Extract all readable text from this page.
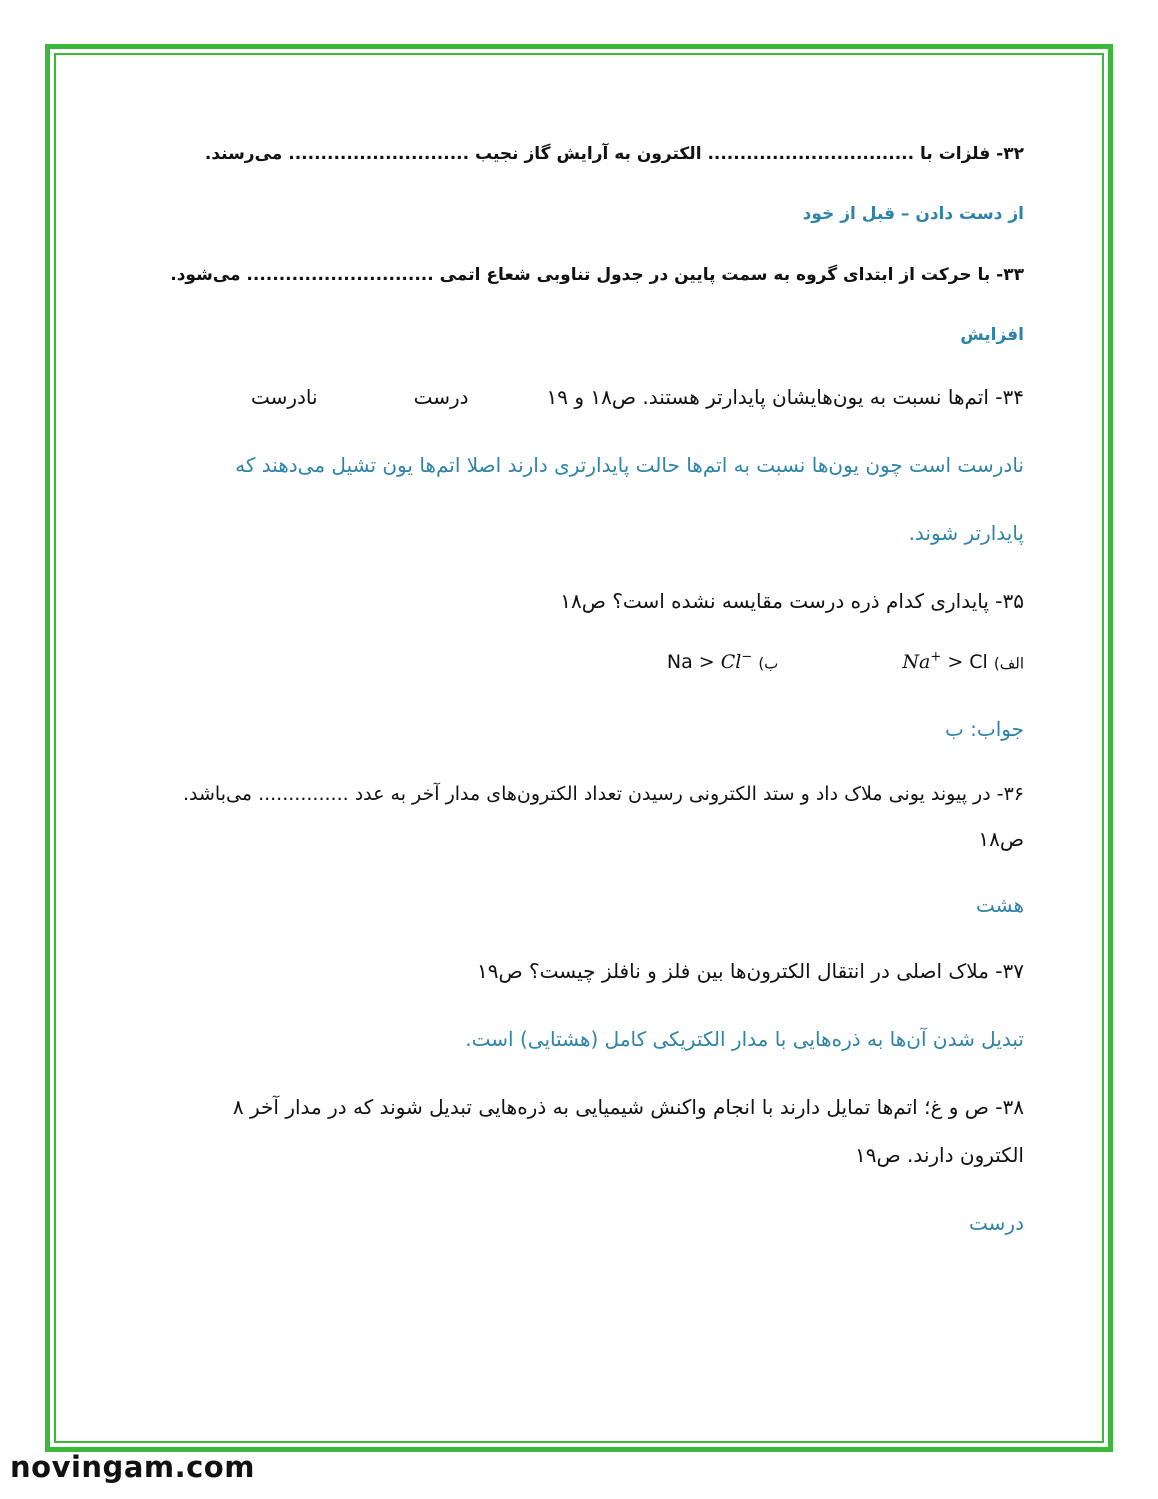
۳۲- فلزات با ................................ الکترون به آرایش گاز نجیب ............................ می‌رسند.
از دست دادن – قبل از خود
۳۳- با حرکت از ابتدای گروه به سمت پایین در جدول تناوبی شعاع اتمی ............................. می‌شود.
افزایش
۳۴- اتم‌ها نسبت به یون‌هایشان پایدارتر هستند. ص۱۸ و ۱۹درستنادرست
نادرست است چون یون‌ها نسبت به اتم‌ها حالت پایدارتری دارند اصلا اتم‌ها یون تشیل می‌دهند که
پایدارتر شوند.
۳۵- پایداری کدام ذره درست مقایسه نشده است؟ ص۱۸
الف) Na+ > Cl  ب) Na > Cl−
جواب: ب
۳۶- در پیوند یونی ملاک داد و ستد الکترونی رسیدن تعداد الکترون‌های مدار آخر به عدد ............... می‌باشد.
ص۱۸
هشت
۳۷- ملاک اصلی در انتقال الکترون‌ها بین فلز و نافلز چیست؟ ص۱۹
تبدیل شدن آن‌ها به ذره‌هایی با مدار الکتریکی کامل (هشتایی) است.
۳۸- ص و غ؛ اتم‌ها تمایل دارند با انجام واکنش شیمیایی به ذره‌هایی تبدیل شوند که در مدار آخر ۸
الکترون دارند. ص۱۹
درست
novingam.com
